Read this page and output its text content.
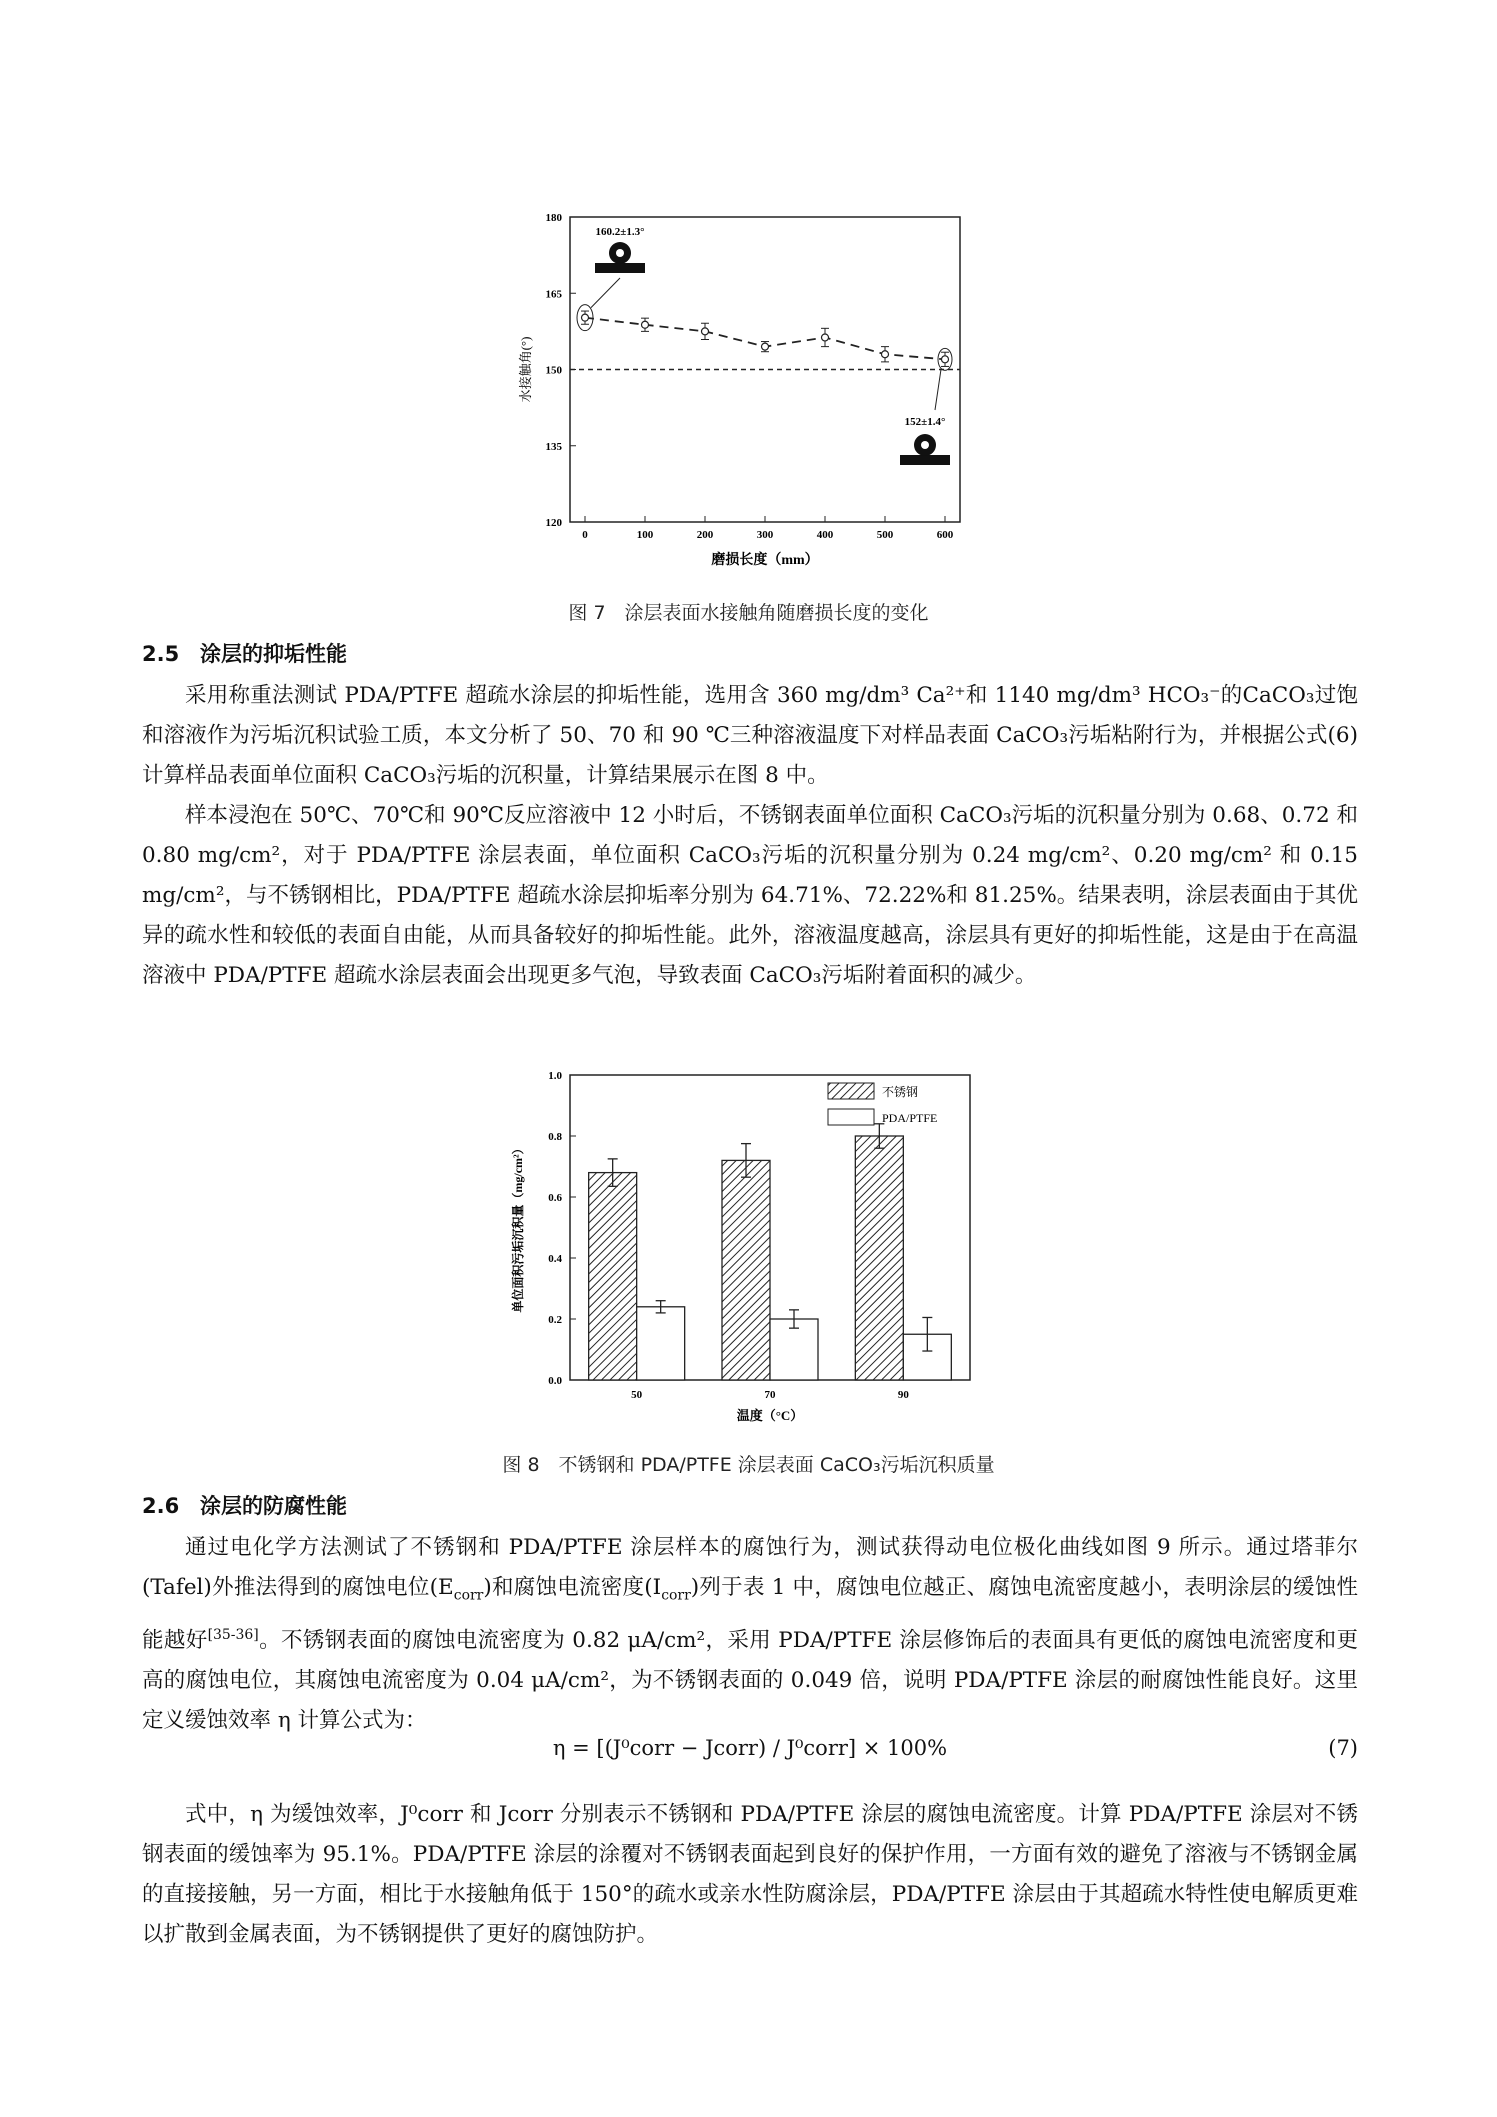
120
135
150
165
180
0	100	200	300	400	500	600
磨损长度（mm）
水接触角(°)
160.2±1.3°
152±1.4°
图 7　涂层表面水接触角随磨损长度的变化
2.5 涂层的抑垢性能

采用称重法测试 PDA/PTFE 超疏水涂层的抑垢性能，选用含 360 mg/dm³ Ca²⁺和 1140 mg/dm³ HCO₃⁻的CaCO₃过饱和溶液作为污垢沉积试验工质，本文分析了 50、70 和 90 ℃三种溶液温度下对样品表面 CaCO₃污垢粘附行为，并根据公式(6)计算样品表面单位面积 CaCO₃污垢的沉积量，计算结果展示在图 8 中。

样本浸泡在 50℃、70℃和 90℃反应溶液中 12 小时后，不锈钢表面单位面积 CaCO₃污垢的沉积量分别为 0.68、0.72 和 0.80 mg/cm²，对于 PDA/PTFE 涂层表面，单位面积 CaCO₃污垢的沉积量分别为 0.24 mg/cm²、0.20 mg/cm² 和 0.15 mg/cm²，与不锈钢相比，PDA/PTFE 超疏水涂层抑垢率分别为 64.71%、72.22%和 81.25%。结果表明，涂层表面由于其优异的疏水性和较低的表面自由能，从而具备较好的抑垢性能。此外，溶液温度越高，涂层具有更好的抑垢性能，这是由于在高温溶液中 PDA/PTFE 超疏水涂层表面会出现更多气泡，导致表面 CaCO₃污垢附着面积的减少。

0.0
0.2
0.4
0.6
0.8
1.0
50	70	90
温度（°C）
单位面积污垢沉积量（mg/cm²）
不锈钢
PDA/PTFE
图 8　不锈钢和 PDA/PTFE 涂层表面 CaCO₃污垢沉积质量
2.6 涂层的防腐性能

通过电化学方法测试了不锈钢和 PDA/PTFE 涂层样本的腐蚀行为，测试获得动电位极化曲线如图 9 所示。通过塔菲尔(Tafel)外推法得到的腐蚀电位$(E_{corr})$和腐蚀电流密度$(I_{corr})$列于表 1 中，腐蚀电位越正、腐蚀电流密度越小，表明涂层的缓蚀性能越好[35-36]。不锈钢表面的腐蚀电流密度为 0.82 μA/cm²，采用 PDA/PTFE 涂层修饰后的表面具有更低的腐蚀电流密度和更高的腐蚀电位，其腐蚀电流密度为 0.04 μA/cm²，为不锈钢表面的 0.049 倍，说明 PDA/PTFE 涂层的耐腐蚀性能良好。这里定义缓蚀效率 η 计算公式为：

η = [(J⁰corr − Jcorr) / J⁰corr] × 100%	(7)

式中，η 为缓蚀效率，J⁰corr 和 Jcorr 分别表示不锈钢和 PDA/PTFE 涂层的腐蚀电流密度。计算 PDA/PTFE 涂层对不锈钢表面的缓蚀率为 95.1%。PDA/PTFE 涂层的涂覆对不锈钢表面起到良好的保护作用，一方面有效的避免了溶液与不锈钢金属的直接接触，另一方面，相比于水接触角低于 150°的疏水或亲水性防腐涂层，PDA/PTFE 涂层由于其超疏水特性使电解质更难以扩散到金属表面，为不锈钢提供了更好的腐蚀防护。
